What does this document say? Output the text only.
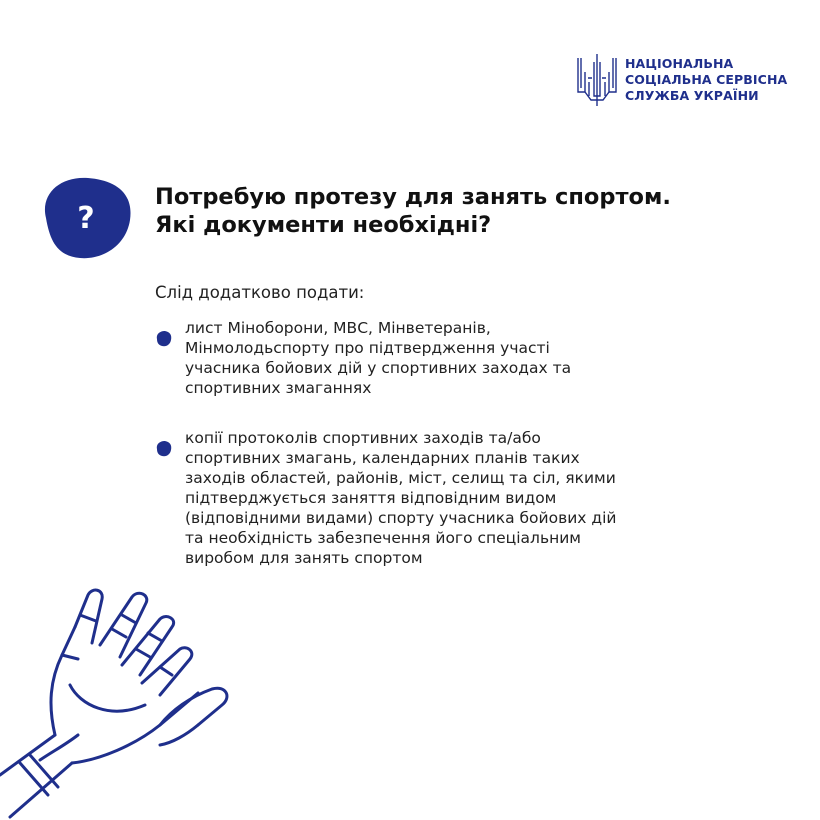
НАЦІОНАЛЬНА
СОЦІАЛЬНА СЕРВІСНА
СЛУЖБА УКРАЇНИ
?
Потребую протезу для занять спортом.
Які документи необхідні?

Слід додатково подати:

лист Міноборони, МВС, Мінветеранів,
Мінмолодьспорту про підтвердження участі
учасника бойових дій у спортивних заходах та
спортивних змаганнях
копії протоколів спортивних заходів та/або
спортивних змагань, календарних планів таких
заходів областей, районів, міст, селищ та сіл, якими
підтверджується заняття відповідним видом
(відповідними видами) спорту учасника бойових дій
та необхідність забезпечення його спеціальним
виробом для занять спортом
